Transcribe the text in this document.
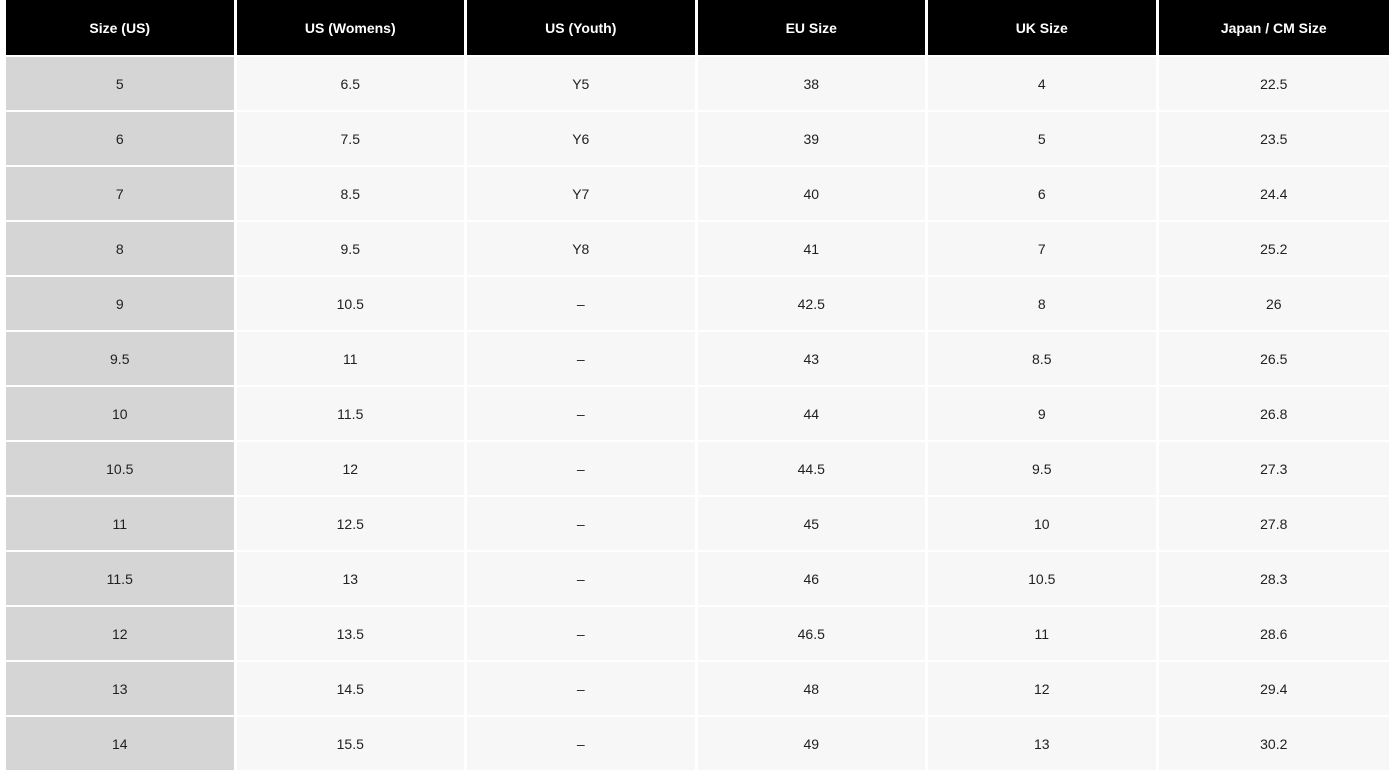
Size (US)	US (Womens)	US (Youth)	EU Size	UK Size	Japan / CM Size
5	6.5	Y5	38	4	22.5
6	7.5	Y6	39	5	23.5
7	8.5	Y7	40	6	24.4
8	9.5	Y8	41	7	25.2
9	10.5	–	42.5	8	26
9.5	11	–	43	8.5	26.5
10	11.5	–	44	9	26.8
10.5	12	–	44.5	9.5	27.3
11	12.5	–	45	10	27.8
11.5	13	–	46	10.5	28.3
12	13.5	–	46.5	11	28.6
13	14.5	–	48	12	29.4
14	15.5	–	49	13	30.2
